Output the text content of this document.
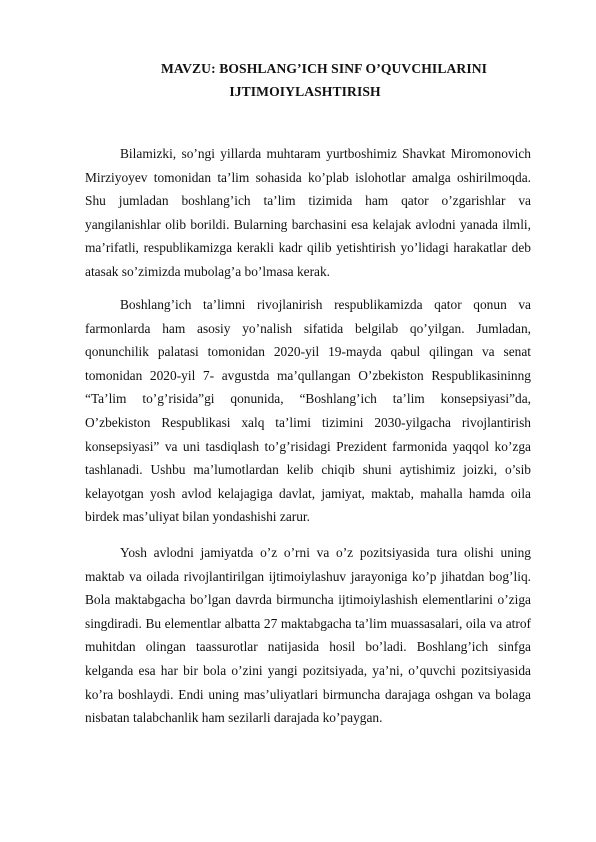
MAVZU: BOSHLANG’ICH SINF O’QUVCHILARINI
IJTIMOIYLASHTIRISH

Bilamizki, so’ngi yillarda muhtaram yurtboshimiz Shavkat Miromonovich Mirziyoyev tomonidan ta’lim sohasida ko’plab islohotlar amalga oshirilmoqda. Shu jumladan boshlang’ich ta’lim tizimida ham qator o’zgarishlar va yangilanishlar olib borildi. Bularning barchasini esa kelajak avlodni yanada ilmli, ma’rifatli, respublikamizga kerakli kadr qilib yetishtirish yo’lidagi harakatlar deb atasak so’zimizda mubolag’a bo’lmasa kerak.

Boshlang’ich ta’limni rivojlanirish respublikamizda qator qonun va farmonlarda ham asosiy yo’nalish sifatida belgilab qo’yilgan. Jumladan, qonunchilik palatasi tomonidan 2020-yil 19-mayda qabul qilingan va senat tomonidan 2020-yil 7- avgustda ma’qullangan O’zbekiston Respublikasininng “Ta’lim to’g’risida”gi qonunida, “Boshlang’ich ta’lim konsepsiyasi”da, O’zbekiston Respublikasi xalq ta’limi tizimini 2030-yilgacha rivojlantirish konsepsiyasi” va uni tasdiqlash to’g’risidagi Prezident farmonida yaqqol ko’zga tashlanadi. Ushbu ma’lumotlardan kelib chiqib shuni aytishimiz joizki, o’sib kelayotgan yosh avlod kelajagiga davlat, jamiyat, maktab, mahalla hamda oila birdek mas’uliyat bilan yondashishi zarur.

Yosh avlodni jamiyatda o’z o’rni va o’z pozitsiyasida tura olishi uning maktab va oilada rivojlantirilgan ijtimoiylashuv jarayoniga ko’p jihatdan bog’liq. Bola maktabgacha bo’lgan davrda birmuncha ijtimoiylashish elementlarini o’ziga singdiradi. Bu elementlar albatta 27 maktabgacha ta’lim muassasalari, oila va atrof muhitdan olingan taassurotlar natijasida hosil bo’ladi. Boshlang’ich sinfga kelganda esa har bir bola o’zini yangi pozitsiyada, ya’ni, o’quvchi pozitsiyasida ko’ra boshlaydi. Endi uning mas’uliyatlari birmuncha darajaga oshgan va bolaga nisbatan talabchanlik ham sezilarli darajada ko’paygan.
